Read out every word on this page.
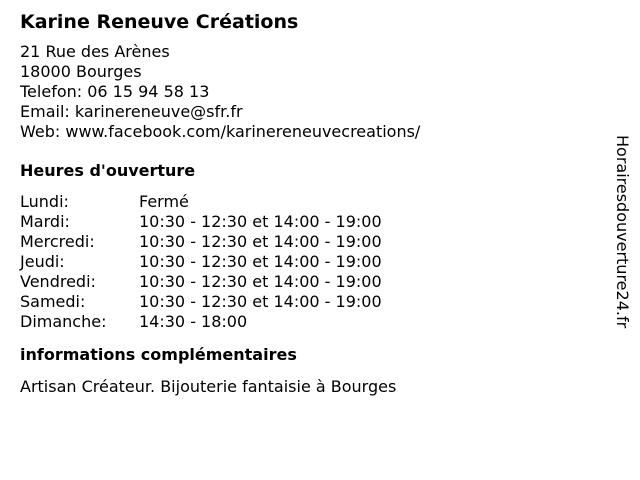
Karine Reneuve Créations
21 Rue des Arènes
18000 Bourges
Telefon: 06 15 94 58 13
Email: karinereneuve@sfr.fr
Web: www.facebook.com/karinereneuvecreations/
Heures d'ouverture
Lundi:	Fermé
Mardi:	10:30 - 12:30 et 14:00 - 19:00
Mercredi:	10:30 - 12:30 et 14:00 - 19:00
Jeudi:	10:30 - 12:30 et 14:00 - 19:00
Vendredi:	10:30 - 12:30 et 14:00 - 19:00
Samedi:	10:30 - 12:30 et 14:00 - 19:00
Dimanche:	14:30 - 18:00
informations complémentaires
Artisan Créateur. Bijouterie fantaisie à Bourges
Horairesdouverture24.fr
